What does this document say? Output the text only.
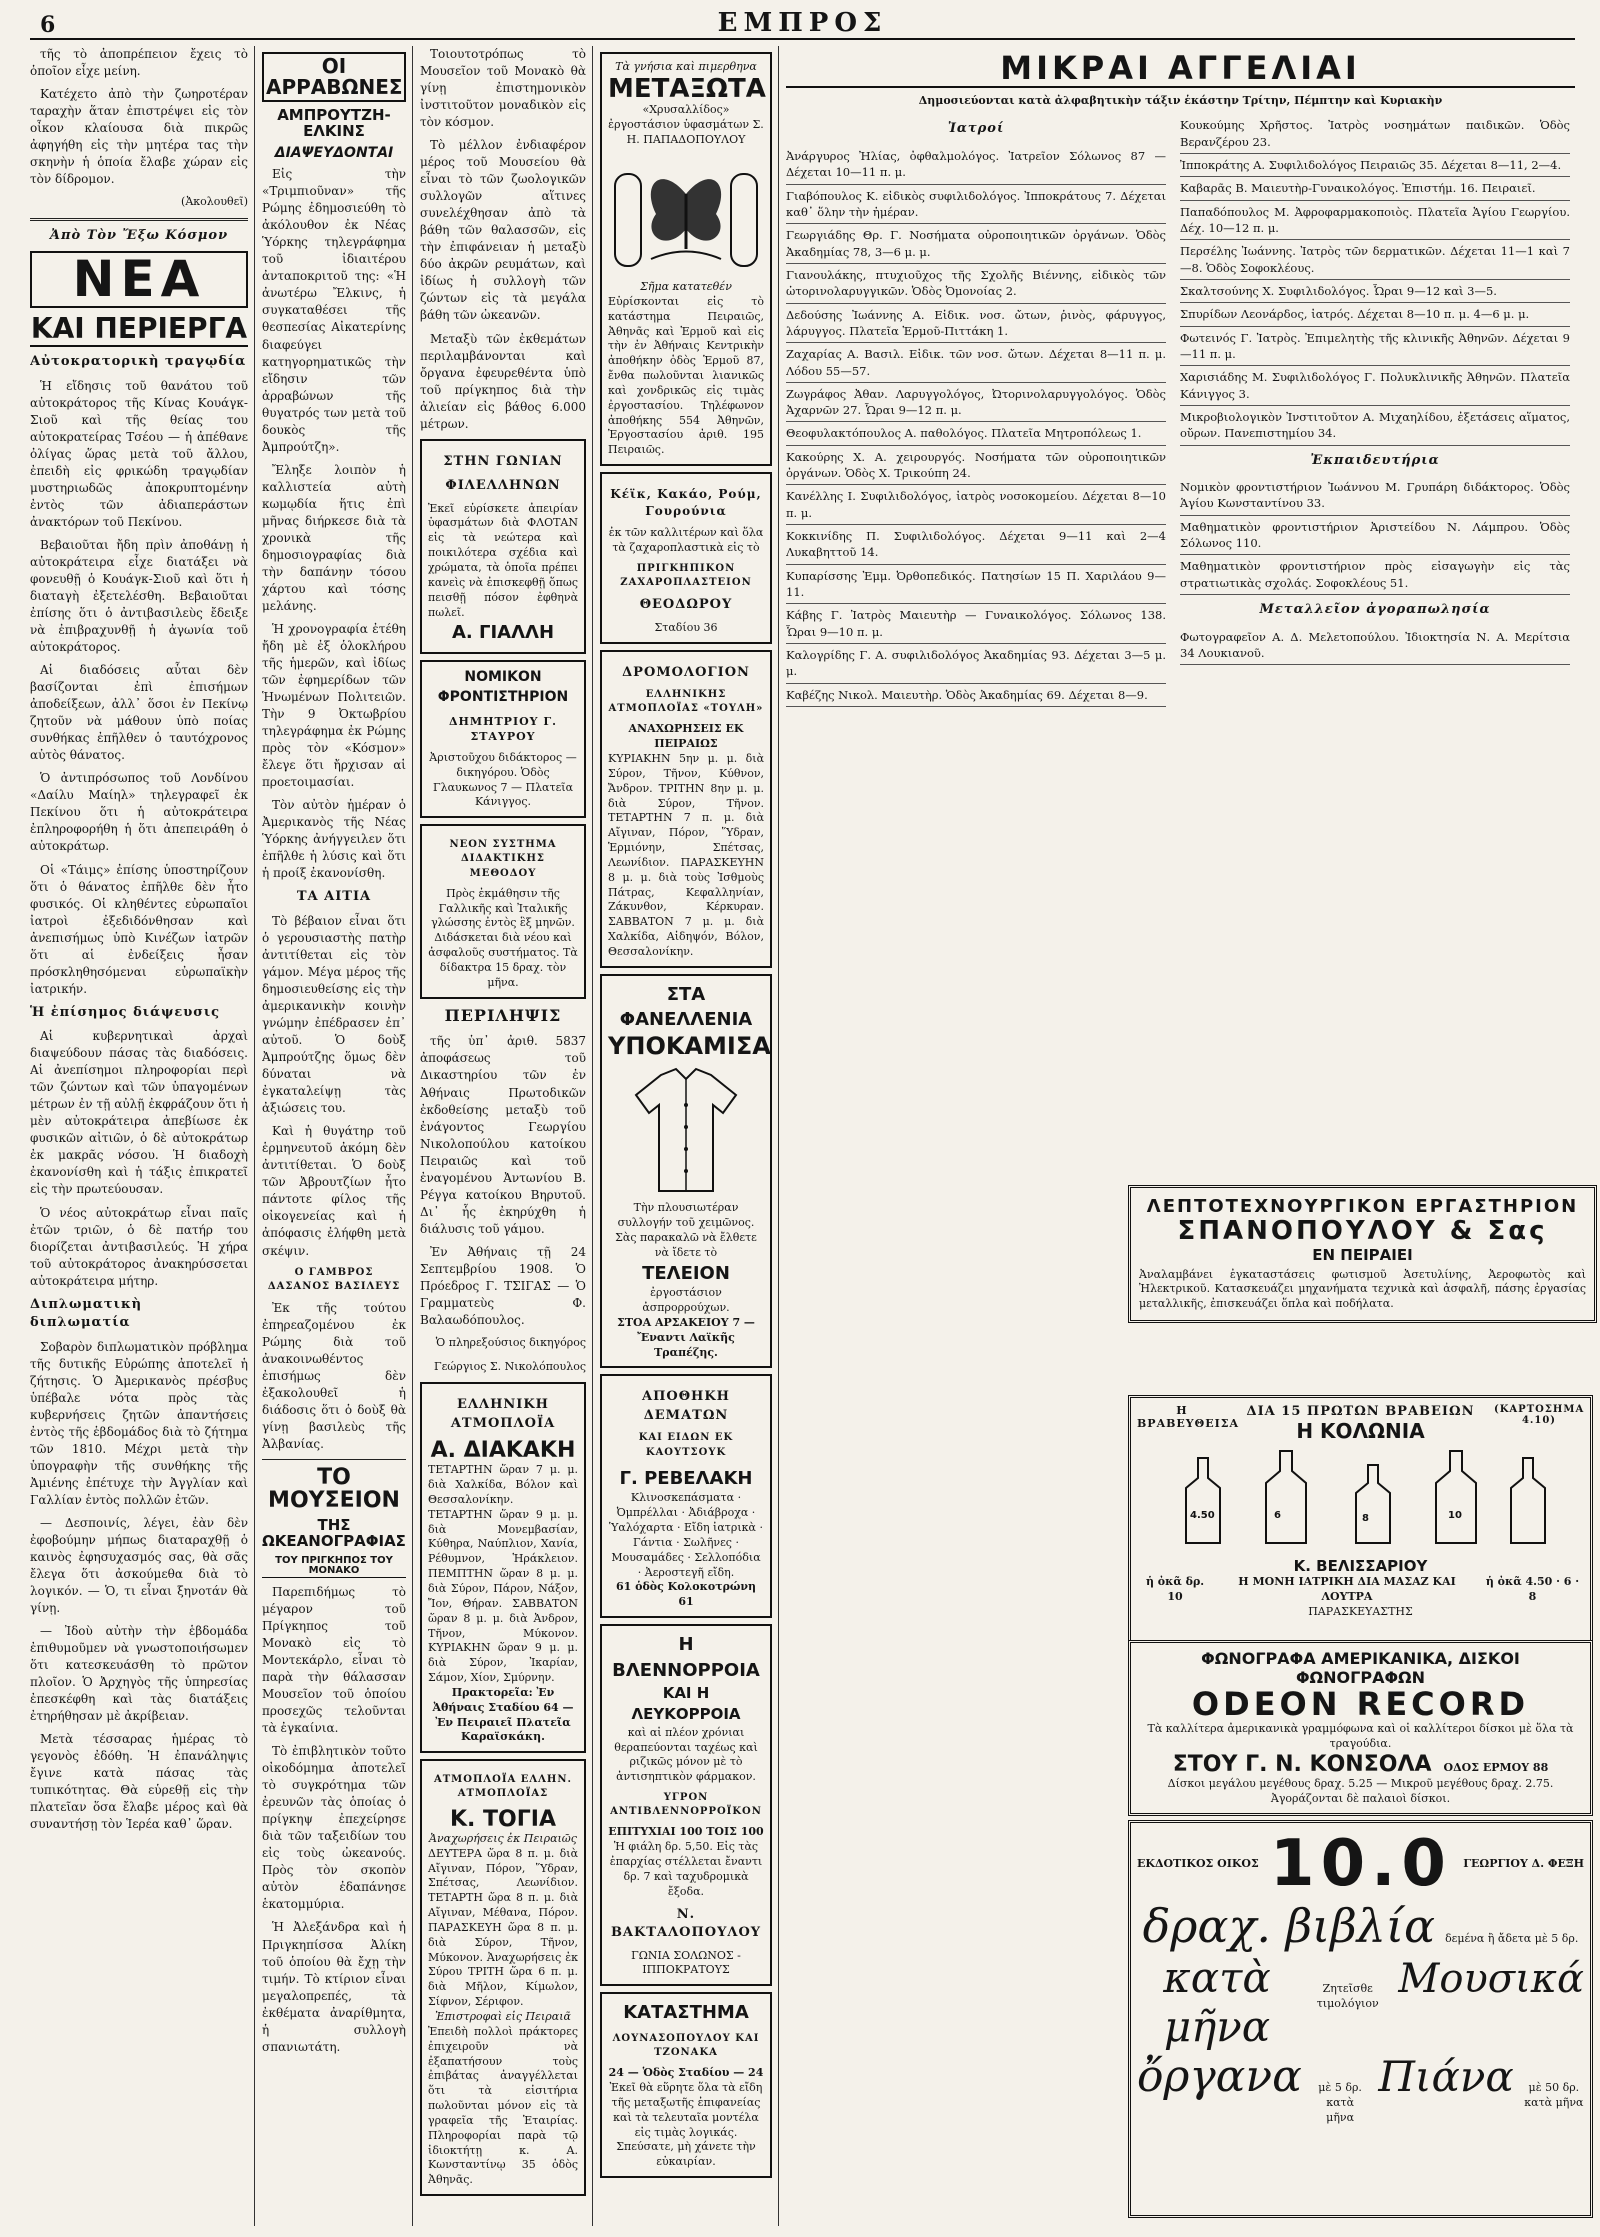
6	ΕΜΠΡΟΣ

τῆς τὸ ἀποπρέπειον ἔχεις τὸ ὁποῖον εἶχε μείνη.

Κατέχετο ἀπὸ τὴν ζωηροτέραν ταραχὴν ἅταν ἐπιστρέψει εἰς τὸν οἶκον κλαίουσα διὰ πικρῶς ἀφηγήθη εἰς τὴν μητέρα τας τὴν σκηνὴν ἡ ὁποία ἔλαβε χώραν εἰς τὸν δίδρομον.

(Ἀκολουθεῖ)
Ἀπὸ Τὸν Ἔξω Κόσμον
ΝΕΑ
ΚΑΙ ΠΕΡΙΕΡΓΑ
Αὐτοκρατορικὴ τραγῳδία

Ἡ εἴδησις τοῦ θανάτου τοῦ αὐτοκράτορος τῆς Κίνας Κουάγκ-Σιοῦ καὶ τῆς θείας του αὐτοκρατείρας Τσέου — ἡ ἀπέθανε ὀλίγας ὥρας μετὰ τοῦ ἄλλου, ἐπειδὴ εἰς φρικώδη τραγῳδίαν μυστηριωδῶς ἀποκρυπτομένην ἐντὸς τῶν ἀδιαπεράστων ἀνακτόρων τοῦ Πεκίνου.

Βεβαιοῦται ἤδη πρὶν ἀποθάνῃ ἡ αὐτοκράτειρα εἶχε διατάξει νὰ φονευθῇ ὁ Κουάγκ-Σιοῦ καὶ ὅτι ἡ διαταγὴ ἐξετελέσθη. Βεβαιοῦται ἐπίσης ὅτι ὁ ἀντιβασιλεὺς ἔδειξε νὰ ἐπιβραχυνθῇ ἡ ἀγωνία τοῦ αὐτοκράτορος.

Αἱ διαδόσεις αὗται δὲν βασίζονται ἐπὶ ἐπισήμων ἀποδείξεων, ἀλλ᾽ ὅσοι ἐν Πεκίνῳ ζητοῦν νὰ μάθουν ὑπὸ ποίας συνθήκας ἐπῆλθεν ὁ ταυτόχρονος αὐτὸς θάνατος.

Ὁ ἀντιπρόσωπος τοῦ Λονδίνου «Δαίλυ Μαίηλ» τηλεγραφεῖ ἐκ Πεκίνου ὅτι ἡ αὐτοκράτειρα ἐπληροφορήθη ἡ ὅτι ἀπεπειράθη ὁ αὐτοκράτωρ.

Οἱ «Τάιμς» ἐπίσης ὑποστηρίζουν ὅτι ὁ θάνατος ἐπῆλθε δὲν ἦτο φυσικός. Οἱ κληθέντες εὐρωπαῖοι ἰατροὶ ἐξεδιδόνθησαν καὶ ἀνεπισήμως ὑπὸ Κινέζων ἰατρῶν ὅτι αἱ ἐνδείξεις ἦσαν πρόσκληθησόμεναι εὐρωπαϊκὴν ἰατρικήν.

Ἡ ἐπίσημος διάψευσις

Αἱ κυβερνητικαὶ ἀρχαὶ διαψεύδουν πάσας τὰς διαδόσεις. Αἱ ἀνεπίσημοι πληροφορίαι περὶ τῶν ζώντων καὶ τῶν ὑπαγομένων μέτρων ἐν τῇ αὐλῇ ἐκφράζουν ὅτι ἡ μὲν αὐτοκράτειρα ἀπεβίωσε ἐκ φυσικῶν αἰτιῶν, ὁ δὲ αὐτοκράτωρ ἐκ μακρᾶς νόσου. Ἡ διαδοχὴ ἐκανονίσθη καὶ ἡ τάξις ἐπικρατεῖ εἰς τὴν πρωτεύουσαν.

Ὁ νέος αὐτοκράτωρ εἶναι παῖς ἐτῶν τριῶν, ὁ δὲ πατήρ του διορίζεται ἀντιβασιλεύς. Ἡ χήρα τοῦ αὐτοκράτορος ἀνακηρύσσεται αὐτοκράτειρα μήτηρ.

Διπλωματικὴ διπλωματία

Σοβαρὸν διπλωματικὸν πρόβλημα τῆς δυτικῆς Εὐρώπης ἀποτελεῖ ἡ ζήτησις. Ὁ Ἀμερικανὸς πρέσβυς ὑπέβαλε νότα πρὸς τὰς κυβερνήσεις ζητῶν ἀπαντήσεις ἐντὸς τῆς ἑβδομάδος διὰ τὸ ζήτημα τῶν 1810. Μέχρι μετὰ τὴν ὑπογραφὴν τῆς συνθήκης τῆς Ἀμιένης ἐπέτυχε τὴν Ἀγγλίαν καὶ Γαλλίαν ἐντὸς πολλῶν ἐτῶν.

— Δεσποινίς, λέγει, ἐὰν δὲν ἐφοβούμην μήπως διαταραχθῇ ὁ καινὸς ἐφησυχασμός σας, θὰ σᾶς ἔλεγα ὅτι ἀσκούμεθα διὰ τὸ λογικόν. — Ὁ, τι εἶναι ξηνοτάν θὰ γίνῃ.

— Ἰδοὺ αὐτὴν τὴν ἑβδομάδα ἐπιθυμοῦμεν νὰ γνωστοποιήσωμεν ὅτι κατεσκευάσθη τὸ πρῶτον πλοῖον. Ὁ Ἀρχηγὸς τῆς ὑπηρεσίας ἐπεσκέφθη καὶ τὰς διατάξεις ἐτηρήθησαν μὲ ἀκρίβειαν.

Μετὰ τέσσαρας ἡμέρας τὸ γεγονὸς ἐδόθη. Ἡ ἐπανάληψις ἔγινε κατὰ πάσας τὰς τυπικότητας. Θὰ εὑρεθῇ εἰς τὴν πλατεῖαν ὅσα ἔλαβε μέρος καὶ θὰ συναντήσῃ τὸν Ἱερέα καθ᾽ ὥραν.

ΟΙ ΑΡΡΑΒΩΝΕΣ
ΑΜΠΡΟΥΤΖΗ-ΕΛΚΙΝΣ
ΔΙΑΨΕΥΔΟΝΤΑΙ

Εἰς τὴν «Τριμπιοῦναν» τῆς Ρώμης ἐδημοσιεύθη τὸ ἀκόλουθον ἐκ Νέας Ὑόρκης τηλεγράφημα τοῦ ἰδιαιτέρου ἀνταποκριτοῦ της: «Ἡ ἀνωτέρω Ἔλκινς, ἡ συγκαταθέσει τῆς θεσπεσίας Αἰκατερίνης διαφεύγει κατηγορηματικῶς τὴν εἴδησιν τῶν ἀρραβώνων τῆς θυγατρός των μετὰ τοῦ δουκὸς τῆς Ἀμπρούτζη».

Ἔληξε λοιπὸν ἡ καλλιστεία αὐτὴ κωμῳδία ἥτις ἐπὶ μῆνας διήρκεσε διὰ τὰ χρονικὰ τῆς δημοσιογραφίας διὰ τὴν δαπάνην τόσου χάρτου καὶ τόσης μελάνης.

Ἡ χρονογραφία ἐτέθη ἤδη μὲ ἐξ ὁλοκλήρου τῆς ἡμερῶν, καὶ ἰδίως τῶν ἐφημερίδων τῶν Ἡνωμένων Πολιτειῶν. Τὴν 9 Ὀκτωβρίου τηλεγράφημα ἐκ Ρώμης πρὸς τὸν «Κόσμον» ἔλεγε ὅτι ἤρχισαν αἱ προετοιμασίαι.

Τὸν αὐτὸν ἡμέραν ὁ Ἀμερικανὸς τῆς Νέας Ὑόρκης ἀνήγγειλεν ὅτι ἐπῆλθε ἡ λύσις καὶ ὅτι ἡ προίξ ἐκανονίσθη.

ΤΑ ΑΙΤΙΑ

Τὸ βέβαιον εἶναι ὅτι ὁ γερουσιαστὴς πατὴρ ἀντιτίθεται εἰς τὸν γάμον. Μέγα μέρος τῆς δημοσιευθείσης εἰς τὴν ἀμερικανικὴν κοινὴν γνώμην ἐπέδρασεν ἐπ᾽ αὐτοῦ. Ὁ δοὺξ Ἀμπρούτζης ὅμως δὲν δύναται νὰ ἐγκαταλείψῃ τὰς ἀξιώσεις του.

Καὶ ἡ θυγάτηρ τοῦ ἑρμηνευτοῦ ἀκόμη δὲν ἀντιτίθεται. Ὁ δοὺξ τῶν Ἀβρουτζίων ἦτο πάντοτε φίλος τῆς οἰκογενείας καὶ ἡ ἀπόφασις ἐλήφθη μετὰ σκέψιν.

Ο ΓΑΜΒΡΟΣ ΔΑΣΑΝΟΣ ΒΑΣΙΛΕΥΣ

Ἐκ τῆς τούτου ἐπηρεαζομένου ἐκ Ρώμης διὰ τοῦ ἀνακοινωθέντος ἐπισήμως δὲν ἐξακολουθεῖ ἡ διάδοσις ὅτι ὁ δοὺξ θὰ γίνῃ βασιλεὺς τῆς Ἀλβανίας.

ΤΟ ΜΟΥΣΕΙΟΝ
ΤΗΣ ΩΚΕΑΝΟΓΡΑΦΙΑΣ
ΤΟΥ ΠΡΙΓΚΗΠΟΣ ΤΟΥ ΜΟΝΑΚΟ

Παρεπιδήμως τὸ μέγαρον τοῦ Πρίγκηπος τοῦ Μονακὸ εἰς τὸ Μοντεκάρλο, εἶναι τὸ παρὰ τὴν θάλασσαν Μουσεῖον τοῦ ὁποίου προσεχῶς τελοῦνται τὰ ἐγκαίνια.

Τὸ ἐπιβλητικὸν τοῦτο οἰκοδόμημα ἀποτελεῖ τὸ συγκρότημα τῶν ἐρευνῶν τὰς ὁποίας ὁ πρίγκηψ ἐπεχείρησε διὰ τῶν ταξειδίων του εἰς τοὺς ὠκεανούς. Πρὸς τὸν σκοπὸν αὐτὸν ἐδαπάνησε ἑκατομμύρια.

Ἡ Ἀλεξάνδρα καὶ ἡ Πριγκηπίσσα Ἀλίκη τοῦ ὁποίου θὰ ἔχῃ τὴν τιμήν. Τὸ κτίριον εἶναι μεγαλοπρεπές, τὰ ἐκθέματα ἀναρίθμητα, ἡ συλλογὴ σπανιωτάτη.

Τοιουτοτρόπως τὸ Μουσεῖον τοῦ Μονακὸ θὰ γίνῃ ἐπιστημονικὸν ἰνστιτοῦτον μοναδικὸν εἰς τὸν κόσμον.

Τὸ μέλλον ἐνδιαφέρον μέρος τοῦ Μουσείου θὰ εἶναι τὸ τῶν ζωολογικῶν συλλογῶν αἵτινες συνελέχθησαν ἀπὸ τὰ βάθη τῶν θαλασσῶν, εἰς τὴν ἐπιφάνειαν ἡ μεταξὺ δύο ἀκρῶν ρευμάτων, καὶ ἰδίως ἡ συλλογὴ τῶν ζώντων εἰς τὰ μεγάλα βάθη τῶν ὠκεανῶν.

Μεταξὺ τῶν ἐκθεμάτων περιλαμβάνονται καὶ ὄργανα ἐφευρεθέντα ὑπὸ τοῦ πρίγκηπος διὰ τὴν ἀλιείαν εἰς βάθος 6.000 μέτρων.

ΣΤΗΝ ΓΩΝΙΑΝ
ΦΙΛΕΛΛΗΝΩΝ
Ἐκεῖ εὑρίσκετε ἀπειρίαν ὑφασμάτων διὰ ΦΛΟΤΑΝ εἰς τὰ νεώτερα καὶ ποικιλότερα σχέδια καὶ χρώματα, τὰ ὁποῖα πρέπει κανεὶς νὰ ἐπισκεφθῇ ὅπως πεισθῇ πόσον ἐφθηνὰ πωλεῖ.
Α. ΓΙΑΛΛΗ
ΝΟΜΙΚΟΝ ΦΡΟΝΤΙΣΤΗΡΙΟΝ
ΔΗΜΗΤΡΙΟΥ Γ. ΣΤΑΥΡΟΥ
Ἀριστοῦχου διδάκτορος — δικηγόρου. Ὁδὸς Γλαυκωνος 7 — Πλατεῖα Κάνιγγος.
ΝΕΟΝ ΣΥΣΤΗΜΑ ΔΙΔΑΚΤΙΚΗΣ ΜΕΘΟΔΟΥ
Πρὸς ἐκμάθησιν τῆς Γαλλικῆς καὶ Ἰταλικῆς γλώσσης ἐντὸς ἓξ μηνῶν. Διδάσκεται διὰ νέου καὶ ἀσφαλοῦς συστήματος. Τὰ δίδακτρα 15 δραχ. τὸν μῆνα.
ΠΕΡΙΛΗΨΙΣ

τῆς ὑπ᾽ ἀριθ. 5837 ἀποφάσεως τοῦ Δικαστηρίου τῶν ἐν Ἀθήναις Πρωτοδικῶν ἐκδοθείσης μεταξὺ τοῦ ἐνάγοντος Γεωργίου Νικολοπούλου κατοίκου Πειραιῶς καὶ τοῦ ἐναγομένου Ἀντωνίου Β. Ρέγγα κατοίκου Βηρυτοῦ. Δι᾽ ἧς ἐκηρύχθη ἡ διάλυσις τοῦ γάμου.

Ἐν Ἀθήναις τῇ 24 Σεπτεμβρίου 1908. Ὁ Πρόεδρος Γ. ΤΣΙΓΑΣ — Ὁ Γραμματεὺς Φ. Βαλαωδόπουλος.

Ὁ πληρεξούσιος δικηγόρος
Γεώργιος Σ. Νικολόπουλος
ΕΛΛΗΝΙΚΗ ΑΤΜΟΠΛΟΪΑ
Α. ΔΙΑΚΑΚΗ
ΤΕΤΑΡΤΗΝ ὥραν 7 μ. μ. διὰ Χαλκίδα, Βόλον καὶ Θεσσαλονίκην. ΤΕΤΑΡΤΗΝ ὥραν 9 μ. μ. διὰ Μονεμβασίαν, Κύθηρα, Ναύπλιον, Χανία, Ρέθυμνον, Ἡράκλειον. ΠΕΜΠΤΗΝ ὥραν 8 μ. μ. διὰ Σύρον, Πάρον, Νάξον, Ἴον, Θήραν. ΣΑΒΒΑΤΟΝ ὥραν 8 μ. μ. διὰ Ἀνδρον, Τῆνον, Μύκονον. ΚΥΡΙΑΚΗΝ ὥραν 9 μ. μ. διὰ Σύρον, Ἰκαρίαν, Σάμον, Χίον, Σμύρνην.
Πρακτορεῖα: Ἐν Ἀθήναις Σταδίου 64 — Ἐν Πειραιεῖ Πλατεῖα Καραϊσκάκη.
ΑΤΜΟΠΛΟΪΑ ΕΛΛΗΝ. ΑΤΜΟΠΛΟΪΑΣ
Κ. ΤΟΓΙΑ
Ἀναχωρήσεις ἐκ Πειραιῶς
ΔΕΥΤΕΡΑ ὥρα 8 π. μ. διὰ Αἴγιναν, Πόρον, Ὕδραν, Σπέτσας, Λεωνίδιον. ΤΕΤΑΡΤΗ ὥρα 8 π. μ. διὰ Αἴγιναν, Μέθανα, Πόρον. ΠΑΡΑΣΚΕΥΗ ὥρα 8 π. μ. διὰ Σύρον, Τῆνον, Μύκονον. Ἀναχωρήσεις ἐκ Σύρου ΤΡΙΤΗ ὥρα 6 π. μ. διὰ Μῆλον, Κίμωλον, Σίφνον, Σέριφον.
Ἐπιστροφαὶ εἰς Πειραιᾶ
Ἐπειδὴ πολλοὶ πράκτορες ἐπιχειροῦν νὰ ἐξαπατήσουν τοὺς ἐπιβάτας ἀναγγέλλεται ὅτι τὰ εἰσιτήρια πωλοῦνται μόνον εἰς τὰ γραφεῖα τῆς Ἑταιρίας. Πληροφορίαι παρὰ τῷ ἰδιοκτήτῃ κ. Α. Κωνσταντίνῳ 35 ὁδὸς Ἀθηνᾶς.
Τὰ γνήσια καὶ πιμερθηνα
ΜΕΤΑΞΩΤΑ
«Χρυσαλλίδος» ἐργοστάσιον ὑφασμάτων Σ. Η. ΠΑΠΑΔΟΠΟΥΛΟΥ
Σῆμα κατατεθέν
Εὑρίσκονται εἰς τὸ κατάστημα Πειραιῶς, Ἀθηνᾶς καὶ Ἑρμοῦ καὶ εἰς τὴν ἐν Ἀθήναις Κεντρικὴν ἀποθήκην ὁδὸς Ἑρμοῦ 87, ἔνθα πωλοῦνται λιανικῶς καὶ χονδρικῶς εἰς τιμὰς ἐργοστασίου. Τηλέφωνον ἀποθήκης 554 Ἀθηνῶν, Ἐργοστασίου ἀριθ. 195 Πειραιῶς.
Κέϊκ, Κακάο, Ρούμ, Γουρούνια
ἐκ τῶν καλλιτέρων καὶ ὅλα τὰ ζαχαροπλαστικὰ εἰς τὸ
ΠΡΙΓΚΗΠΙΚΟΝ ΖΑΧΑΡΟΠΛΑΣΤΕΙΟΝ
ΘΕΟΔΩΡΟΥ
Σταδίου 36
ΔΡΟΜΟΛΟΓΙΟΝ
ΕΛΛΗΝΙΚΗΣ ΑΤΜΟΠΛΟΪΑΣ «ΤΟΥΛΗ»
ΑΝΑΧΩΡΗΣΕΙΣ ΕΚ ΠΕΙΡΑΙΩΣ
ΚΥΡΙΑΚΗΝ 5ην μ. μ. διὰ Σύρον, Τῆνον, Κύθνον, Ἄνδρον. ΤΡΙΤΗΝ 8ην μ. μ. διὰ Σύρον, Τῆνον. ΤΕΤΑΡΤΗΝ 7 π. μ. διὰ Αἴγιναν, Πόρον, Ὕδραν, Ἑρμιόνην, Σπέτσας, Λεωνίδιον. ΠΑΡΑΣΚΕΥΗΝ 8 μ. μ. διὰ τοὺς Ἰσθμοὺς Πάτρας, Κεφαλληνίαν, Ζάκυνθον, Κέρκυραν. ΣΑΒΒΑΤΟΝ 7 μ. μ. διὰ Χαλκίδα, Αἰδηψόν, Βόλον, Θεσσαλονίκην.
ΣΤΑ ΦΑΝΕΛΛΕΝΙΑ
ΥΠΟΚΑΜΙΣΑ
Τὴν πλουσιωτέραν συλλογήν τοῦ χειμῶνος. Σὰς παρακαλῶ νὰ ἔλθετε νὰ ἴδετε τὸ
ΤΕΛΕΙΟΝ
ἐργοστάσιον ἀσπρορρούχων.
ΣΤΟΑ ΑΡΣΑΚΕΙΟΥ 7 — Ἔναντι Λαϊκῆς Τραπέζης.
ΑΠΟΘΗΚΗ ΔΕΜΑΤΩΝ
ΚΑΙ ΕΙΔΩΝ ΕΚ ΚΑΟΥΤΣΟΥΚ
Γ. ΡΕΒΕΛΑΚΗ
Κλινοσκεπάσματα · Ὀμπρέλλαι · Ἀδιάβροχα · Ὑαλόχαρτα · Εἴδη ἰατρικὰ · Γάντια · Σωλῆνες · Μουσαμάδες · Σελλοπόδια · Ἀεροστεγῆ εἴδη.
61 ὁδὸς Κολοκοτρώνη 61
Η ΒΛΕΝΝΟΡΡΟΙΑ
ΚΑΙ Η ΛΕΥΚΟΡΡΟΙΑ
καὶ αἱ πλέον χρόνιαι θεραπεύονται ταχέως καὶ ριζικῶς μόνον μὲ τὸ ἀντισηπτικὸν φάρμακον.
ΥΓΡΟΝ ΑΝΤΙΒΛΕΝΝΟΡΡΟΪΚΟΝ
ΕΠΙΤΥΧΙΑΙ 100 ΤΟΙΣ 100
Ἡ φιάλη δρ. 5,50. Εἰς τὰς ἐπαρχίας στέλλεται ἔναντι δρ. 7 καὶ ταχυδρομικὰ ἔξοδα.
Ν. ΒΑΚΤΑΛΟΠΟΥΛΟΥ
ΓΩΝΙΑ ΣΟΛΩΝΟΣ - ΙΠΠΟΚΡΑΤΟΥΣ
ΚΑΤΑΣΤΗΜΑ
ΛΟΥΝΑΣΟΠΟΥΛΟΥ ΚΑΙ ΤΖΟΝΑΚΑ
24 — Ὁδὸς Σταδίου — 24
Ἐκεῖ θὰ εὕρητε ὅλα τὰ εἴδη τῆς μεταξωτῆς ἐπιφανείας καὶ τὰ τελευταῖα μοντέλα εἰς τιμὰς λογικάς. Σπεύσατε, μὴ χάνετε τὴν εὐκαιρίαν.
ΜΙΚΡΑΙ ΑΓΓΕΛΙΑΙ
Δημοσιεύονται κατὰ ἀλφαβητικὴν τάξιν ἑκάστην Τρίτην, Πέμπτην καὶ Κυριακὴν
Ἰατροί

Ἀνάργυρος Ἠλίας, ὀφθαλμολόγος. Ἰατρεῖον Σόλωνος 87 — Δέχεται 10—11 π. μ.

Γιαβόπουλος Κ. εἰδικὸς συφιλιδολόγος. Ἰπποκράτους 7. Δέχεται καθ᾽ ὅλην τὴν ἡμέραν.

Γεωργιάδης Θρ. Γ. Νοσήματα οὐροποιητικῶν ὀργάνων. Ὁδὸς Ἀκαδημίας 78, 3—6 μ. μ.

Γιανουλάκης, πτυχιοῦχος τῆς Σχολῆς Βιέννης, εἰδικὸς τῶν ὠτορινολαρυγγικῶν. Ὁδὸς Ὀμονοίας 2.

Δεδούσης Ἰωάννης Α. Εἰδικ. νοσ. ὤτων, ῥινὸς, φάρυγγος, λάρυγγος. Πλατεῖα Ἑρμοῦ-Πιττάκη 1.

Ζαχαρίας Α. Βασιλ. Εἰδικ. τῶν νοσ. ὤτων. Δέχεται 8—11 π. μ. Λόδου 55—57.

Ζωγράφος Ἀθαν. Λαρυγγολόγος, Ὠτορινολαρυγγολόγος. Ὁδὸς Ἀχαρνῶν 27. Ὧραι 9—12 π. μ.

Θεοφυλακτόπουλος Α. παθολόγος. Πλατεῖα Μητροπόλεως 1.

Κακούρης Χ. Α. χειρουργός. Νοσήματα τῶν οὐροποιητικῶν ὀργάνων. Ὁδὸς Χ. Τρικούπη 24.

Κανέλλης Ι. Συφιλιδολόγος, ἰατρὸς νοσοκομείου. Δέχεται 8—10 π. μ.

Κοκκινίδης Π. Συφιλιδολόγος. Δέχεται 9—11 καὶ 2—4 Λυκαβηττοῦ 14.

Κυπαρίσσης Ἐμμ. Ὀρθοπεδικός. Πατησίων 15 Π. Χαριλάου 9—11.

Κάβης Γ. Ἰατρὸς Μαιευτὴρ — Γυναικολόγος. Σόλωνος 138. Ὧραι 9—10 π. μ.

Καλογρίδης Γ. Α. συφιλιδολόγος Ἀκαδημίας 93. Δέχεται 3—5 μ. μ.

Καβέζης Νικολ. Μαιευτὴρ. Ὁδὸς Ἀκαδημίας 69. Δέχεται 8—9.

Κουκούμης Χρῆστος. Ἰατρὸς νοσημάτων παιδικῶν. Ὁδὸς Βερανζέρου 23.

Ἰπποκράτης Α. Συφιλιδολόγος Πειραιῶς 35. Δέχεται 8—11, 2—4.

Καβαρᾶς Β. Μαιευτὴρ-Γυναικολόγος. Ἐπιστήμ. 16. Πειραιεῖ.

Παπαδόπουλος Μ. Ἀφροφαρμακοποιὸς. Πλατεῖα Ἁγίου Γεωργίου. Δέχ. 10—12 π. μ.

Περσέλης Ἰωάννης. Ἰατρὸς τῶν δερματικῶν. Δέχεται 11—1 καὶ 7—8. Ὁδὸς Σοφοκλέους.

Σκαλτσούνης Χ. Συφιλιδολόγος. Ὧραι 9—12 καὶ 3—5.

Σπυρίδων Λεονάρδος, ἰατρός. Δέχεται 8—10 π. μ. 4—6 μ. μ.

Φωτεινός Γ. Ἰατρὸς. Ἐπιμελητὴς τῆς κλινικῆς Ἀθηνῶν. Δέχεται 9—11 π. μ.

Χαρισιάδης Μ. Συφιλιδολόγος Γ. Πολυκλινικῆς Ἀθηνῶν. Πλατεῖα Κάνιγγος 3.

Μικροβιολογικὸν Ἰνστιτοῦτον Α. Μιχαηλίδου, ἐξετάσεις αἵματος, οὔρων. Πανεπιστημίου 34.

Ἐκπαιδευτήρια

Νομικὸν φροντιστήριον Ἰωάννου Μ. Γρυπάρη διδάκτορος. Ὁδὸς Ἁγίου Κωνσταντίνου 33.

Μαθηματικὸν φροντιστήριον Ἀριστείδου Ν. Λάμπρου. Ὁδὸς Σόλωνος 110.

Μαθηματικὸν φροντιστήριον πρὸς εἰσαγωγὴν εἰς τὰς στρατιωτικὰς σχολάς. Σοφοκλέους 51.

Μεταλλεῖον ἀγοραπωλησία

Φωτογραφεῖον Α. Δ. Μελετοπούλου. Ἰδιοκτησία Ν. Α. Μερίτσια 34 Λουκιανοῦ.

ΛΕΠΤΟΤΕΧΝΟΥΡΓΙΚΟΝ ΕΡΓΑΣΤΗΡΙΟΝ
ΣΠΑΝΟΠΟΥΛΟΥ & Σας
ΕΝ ΠΕΙΡΑΙΕΙ
Ἀναλαμβάνει ἐγκαταστάσεις φωτισμοῦ Ἀσετυλίνης, Ἀεροφωτὸς καὶ Ἠλεκτρικοῦ. Κατασκευάζει μηχανήματα τεχνικὰ καὶ ἀσφαλῆ, πάσης ἐργασίας μεταλλικῆς, ἐπισκευάζει ὅπλα καὶ ποδήλατα.
Η ΒΡΑΒΕΥΘΕΙΣΑ
ΔΙΑ 15 ΠΡΩΤΩΝ ΒΡΑΒΕΙΩΝ
Η ΚΟΛΩΝΙΑ
(ΚΑΡΤΟΣΗΜΑ 4.10)
4.50	6	8	10
Κ. ΒΕΛΙΣΣΑΡΙΟΥ
ἡ ὀκᾶ δρ. 10
Η ΜΟΝΗ ΙΑΤΡΙΚΗ ΔΙΑ ΜΑΣΑΖ ΚΑΙ ΛΟΥΤΡΑ
ἡ ὀκᾶ 4.50 · 6 · 8
ΠΑΡΑΣΚΕΥΑΣΤΗΣ
ΦΩΝΟΓΡΑΦΑ ΑΜΕΡΙΚΑΝΙΚΑ, ΔΙΣΚΟΙ ΦΩΝΟΓΡΑΦΩΝ
ODEON RECORD
Τὰ καλλίτερα ἀμερικανικὰ γραμμόφωνα καὶ οἱ καλλίτεροι δίσκοι μὲ ὅλα τὰ τραγούδια.
ΣΤΟΥ Γ. Ν. ΚΟΝΣΟΛΑ ΟΔΟΣ ΕΡΜΟΥ 88
Δίσκοι μεγάλου μεγέθους δραχ. 5.25 — Μικροῦ μεγέθους δραχ. 2.75. Ἀγοράζονται δὲ παλαιοὶ δίσκοι.
ΕΚΔΟΤΙΚΟΣ ΟΙΚΟΣ 10.0 ΓΕΩΡΓΙΟΥ Δ. ΦΕΞΗ
δραχ. βιβλία δεμένα ἢ ἄδετα μὲ 5 δρ.
κατὰ μῆνα
Ζητεῖσθε τιμολόγιον
Μουσικά
ὄργανα	μὲ 5 δρ. κατὰ μῆνα
Πιάνα	μὲ 50 δρ. κατὰ μῆνα
